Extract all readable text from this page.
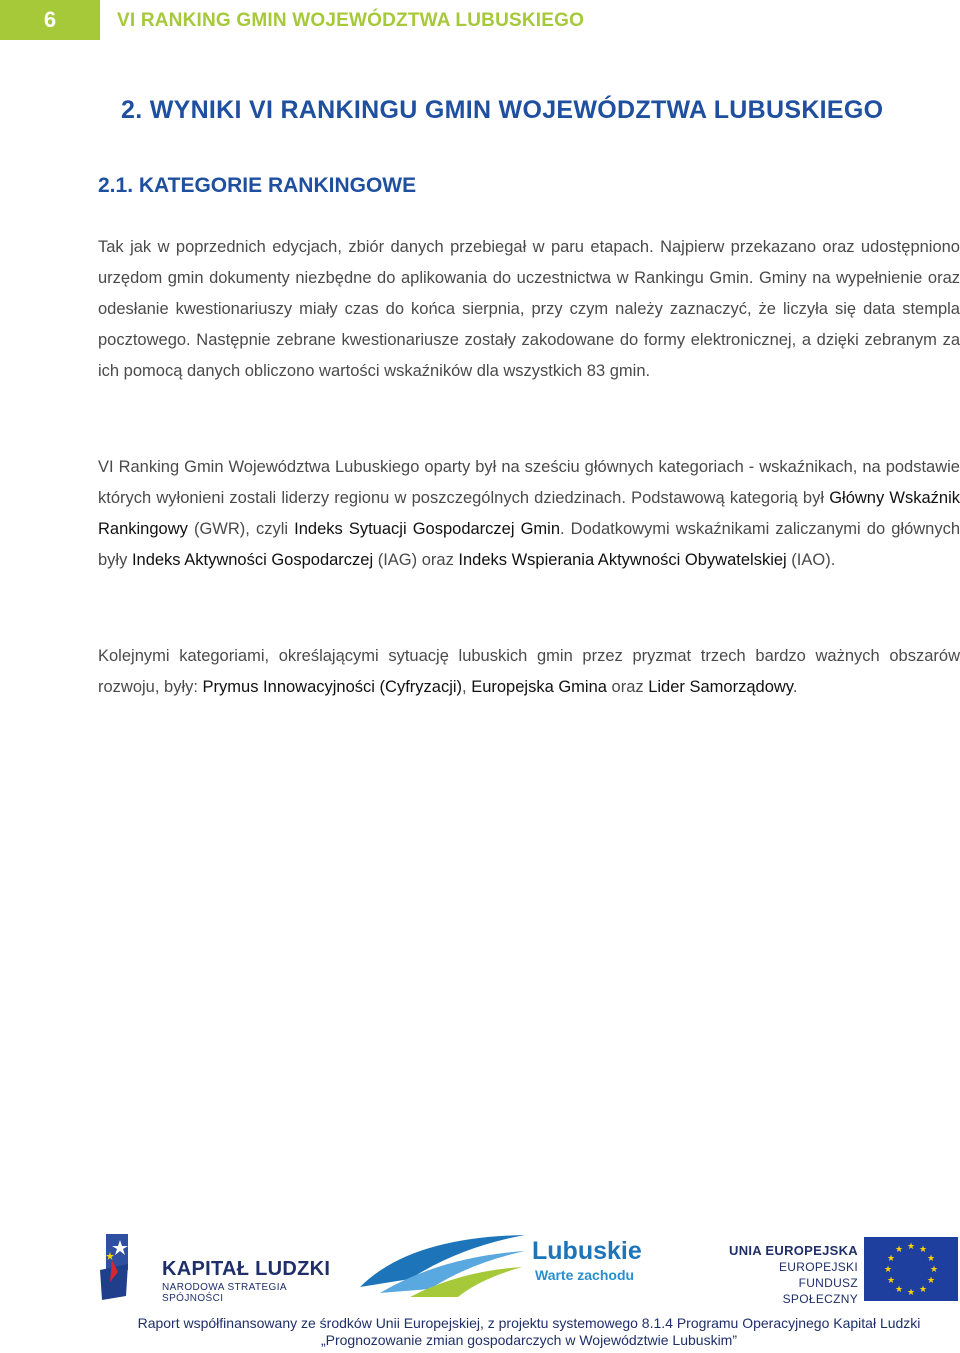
6	VI RANKING GMIN WOJEWÓDZTWA LUBUSKIEGO
2. WYNIKI VI RANKINGU GMIN WOJEWÓDZTWA LUBUSKIEGO
2.1. KATEGORIE RANKINGOWE

Tak jak w poprzednich edycjach, zbiór danych przebiegał w paru etapach. Najpierw przekazano oraz udostępniono urzędom gmin dokumenty niezbędne do aplikowania do uczestnictwa w Rankingu Gmin. Gminy na wypełnienie oraz odesłanie kwestionariuszy miały czas do końca sierpnia, przy czym należy zaznaczyć, że liczyła się data stempla pocztowego. Następnie zebrane kwestionariusze zostały zakodowane do formy elektronicznej, a dzięki zebranym za ich pomocą danych obliczono wartości wskaźników dla wszystkich 83 gmin.

VI Ranking Gmin Województwa Lubuskiego oparty był na sześciu głównych kategoriach - wskaźnikach, na podstawie których wyłonieni zostali liderzy regionu w poszczególnych dziedzinach. Podstawową kategorią był Główny Wskaźnik Rankingowy (GWR), czyli Indeks Sytuacji Gospodarczej Gmin. Dodatkowymi wskaźnikami zaliczanymi do głównych były Indeks Aktywności Gospodarczej (IAG) oraz Indeks Wspierania Aktywności Obywatelskiej (IAO).

Kolejnymi kategoriami, określającymi sytuację lubuskich gmin przez pryzmat trzech bardzo ważnych obszarów rozwoju, były: Prymus Innowacyjności (Cyfryzacji), Europejska Gmina oraz Lider Samorządowy.

KAPITAŁ LUDZKI
NARODOWA STRATEGIA SPÓJNOŚCI
Lubuskie
Warte zachodu
UNIA EUROPEJSKA
EUROPEJSKI
FUNDUSZ SPOŁECZNY
★ ★
★
★
★
★
★
★
★
★
★
★
Raport współfinansowany ze środków Unii Europejskiej, z projektu systemowego 8.1.4 Programu Operacyjnego Kapitał Ludzki
„Prognozowanie zmian gospodarczych w Województwie Lubuskim”
